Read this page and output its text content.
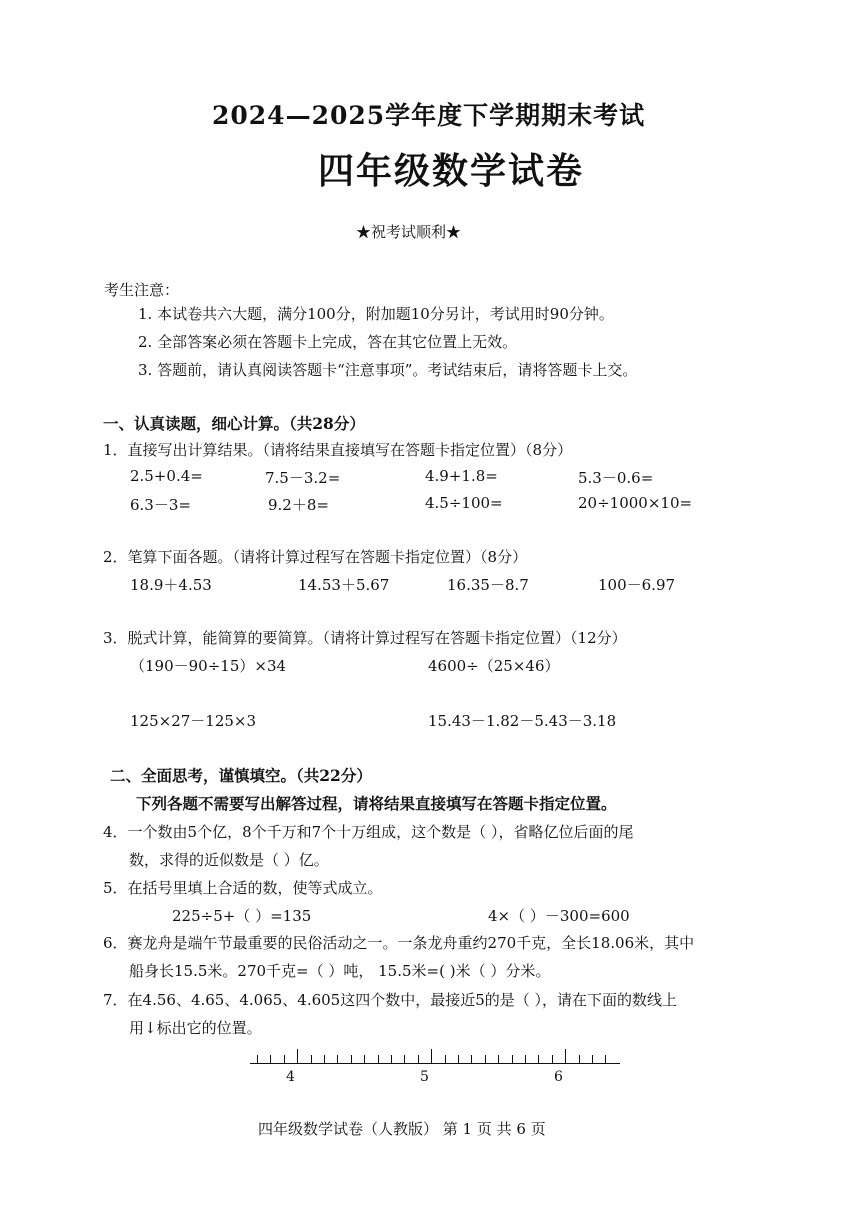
2024—2025学年度下学期期末考试
四年级数学试卷
★祝考试顺利★
考生注意：
1. 本试卷共六大题，满分100分，附加题10分另计，考试用时90分钟。
2. 全部答案必须在答题卡上完成，答在其它位置上无效。
3. 答题前，请认真阅读答题卡“注意事项”。考试结束后，请将答题卡上交。
一、认真读题，细心计算。（共28分）
1．直接写出计算结果。（请将结果直接填写在答题卡指定位置）（8分）
2.5+0.4=	7.5－3.2=	4.9+1.8=	5.3－0.6=
6.3－3=	9.2＋8=	4.5÷100=	20÷1000×10=
2．笔算下面各题。（请将计算过程写在答题卡指定位置）（8分）
18.9＋4.53	14.53＋5.67	16.35－8.7	100－6.97
3．脱式计算，能简算的要简算。（请将计算过程写在答题卡指定位置）（12分）
（190－90÷15）×34	4600÷（25×46）
125×27－125×3	15.43－1.82－5.43－3.18
二、全面思考，谨慎填空。（共22分）
下列各题不需要写出解答过程，请将结果直接填写在答题卡指定位置。
4．一个数由5个亿，8个千万和7个十万组成，这个数是（ ），省略亿位后面的尾
数，求得的近似数是（ ）亿。
5．在括号里填上合适的数，使等式成立。
225÷5+（ ）=135	4×（ ）－300=600
6．赛龙舟是端午节最重要的民俗活动之一。一条龙舟重约270千克，全长18.06米，其中
船身长15.5米。270千克=（ ）吨， 15.5米=( )米（ ）分米。
7．在4.56、4.65、4.065、4.605这四个数中，最接近5的是（ ），请在下面的数线上
用↓标出它的位置。
4	5	6
四年级数学试卷（人教版） 第 1 页 共 6 页
